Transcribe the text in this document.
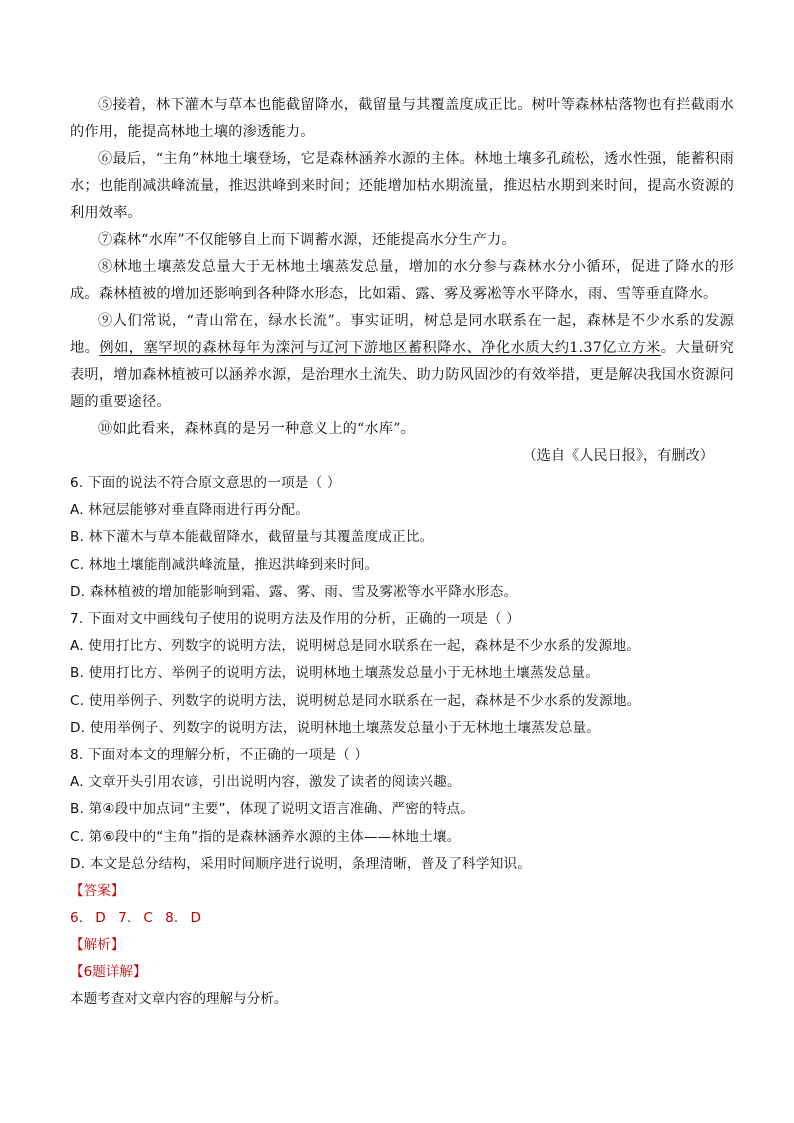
⑤接着，林下灌木与草本也能截留降水，截留量与其覆盖度成正比。树叶等森林枯落物也有拦截雨水的作用，能提高林地土壤的渗透能力。

⑥最后，“主角”林地土壤登场，它是森林涵养水源的主体。林地土壤多孔疏松，透水性强，能蓄积雨水；也能削减洪峰流量，推迟洪峰到来时间；还能增加枯水期流量，推迟枯水期到来时间，提高水资源的利用效率。

⑦森林“水库”不仅能够自上而下调蓄水源，还能提高水分生产力。

⑧林地土壤蒸发总量大于无林地土壤蒸发总量，增加的水分参与森林水分小循环，促进了降水的形成。森林植被的增加还影响到各种降水形态，比如霜、露、雾及雾凇等水平降水，雨、雪等垂直降水。

⑨人们常说，“青山常在，绿水长流”。事实证明，树总是同水联系在一起，森林是不少水系的发源地。例如，塞罕坝的森林每年为滦河与辽河下游地区蓄积降水、净化水质大约1.37亿立方米。大量研究表明，增加森林植被可以涵养水源，是治理水土流失、助力防风固沙的有效举措，更是解决我国水资源问题的重要途径。

⑩如此看来，森林真的是另一种意义上的“水库”。

（选自《人民日报》，有删改）

6. 下面的说法不符合原文意思的一项是（ ）

A. 林冠层能够对垂直降雨进行再分配。

B. 林下灌木与草本能截留降水，截留量与其覆盖度成正比。

C. 林地土壤能削减洪峰流量，推迟洪峰到来时间。

D. 森林植被的增加能影响到霜、露、雾、雨、雪及雾凇等水平降水形态。

7. 下面对文中画线句子使用的说明方法及作用的分析，正确的一项是（ ）

A. 使用打比方、列数字的说明方法，说明树总是同水联系在一起，森林是不少水系的发源地。

B. 使用打比方、举例子的说明方法，说明林地土壤蒸发总量小于无林地土壤蒸发总量。

C. 使用举例子、列数字的说明方法，说明树总是同水联系在一起，森林是不少水系的发源地。

D. 使用举例子、列数字的说明方法，说明林地土壤蒸发总量小于无林地土壤蒸发总量。

8. 下面对本文的理解分析，不正确的一项是（ ）

A. 文章开头引用农谚，引出说明内容，激发了读者的阅读兴趣。

B. 第④段中加点词“主要”，体现了说明文语言准确、严密的特点。

C. 第⑥段中的“主角”指的是森林涵养水源的主体——林地土壤。

D. 本文是总分结构，采用时间顺序进行说明，条理清晰，普及了科学知识。

【答案】

6. D 7. C 8. D

【解析】

【6题详解】

本题考查对文章内容的理解与分析。
